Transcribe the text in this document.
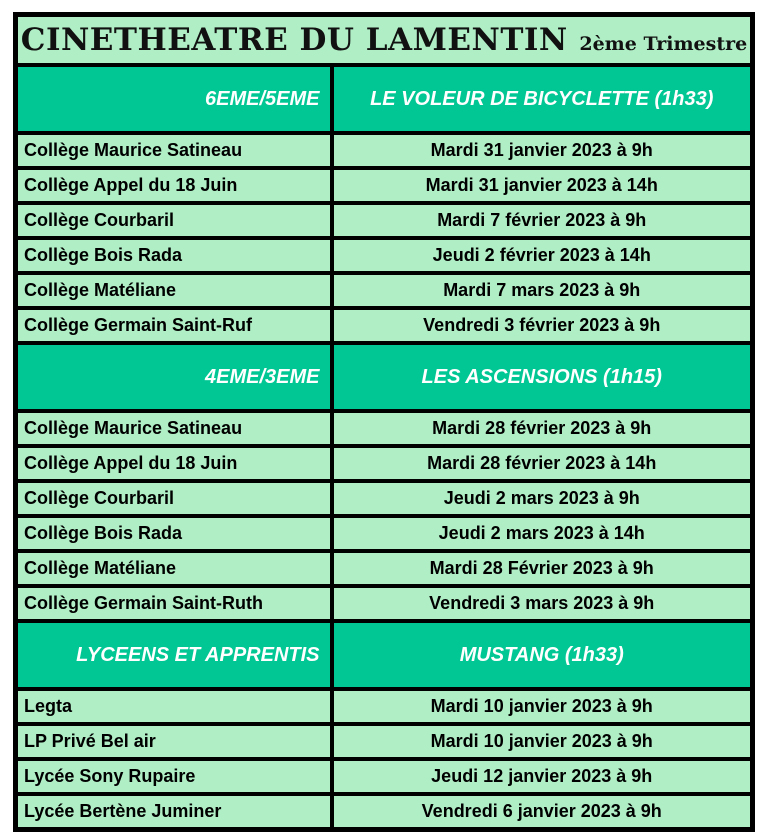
CINETHEATRE DU LAMENTIN 2ème Trimestre	
6EME/5EME	LE VOLEUR DE BICYCLETTE (1h33)
Collège Maurice Satineau	Mardi 31 janvier 2023 à 9h
Collège Appel du 18 Juin	Mardi 31 janvier 2023 à 14h
Collège Courbaril	Mardi 7 février 2023 à 9h
Collège Bois Rada	Jeudi 2 février 2023 à 14h
Collège Matéliane	Mardi 7 mars 2023 à 9h
Collège Germain Saint-Ruf	Vendredi 3 février 2023 à 9h
4EME/3EME	LES ASCENSIONS (1h15)
Collège Maurice Satineau	Mardi 28 février 2023 à 9h
Collège Appel du 18 Juin	Mardi 28 février 2023 à 14h
Collège Courbaril	Jeudi 2 mars 2023 à 9h
Collège Bois Rada	Jeudi 2 mars 2023 à 14h
Collège Matéliane	Mardi 28 Février 2023 à 9h
Collège Germain Saint-Ruth	Vendredi 3 mars 2023 à 9h
LYCEENS ET APPRENTIS	MUSTANG (1h33)
Legta	Mardi 10 janvier 2023 à 9h
LP Privé Bel air	Mardi 10 janvier 2023 à 9h
Lycée Sony Rupaire	Jeudi 12 janvier 2023 à 9h
Lycée Bertène Juminer	Vendredi 6 janvier 2023 à 9h
